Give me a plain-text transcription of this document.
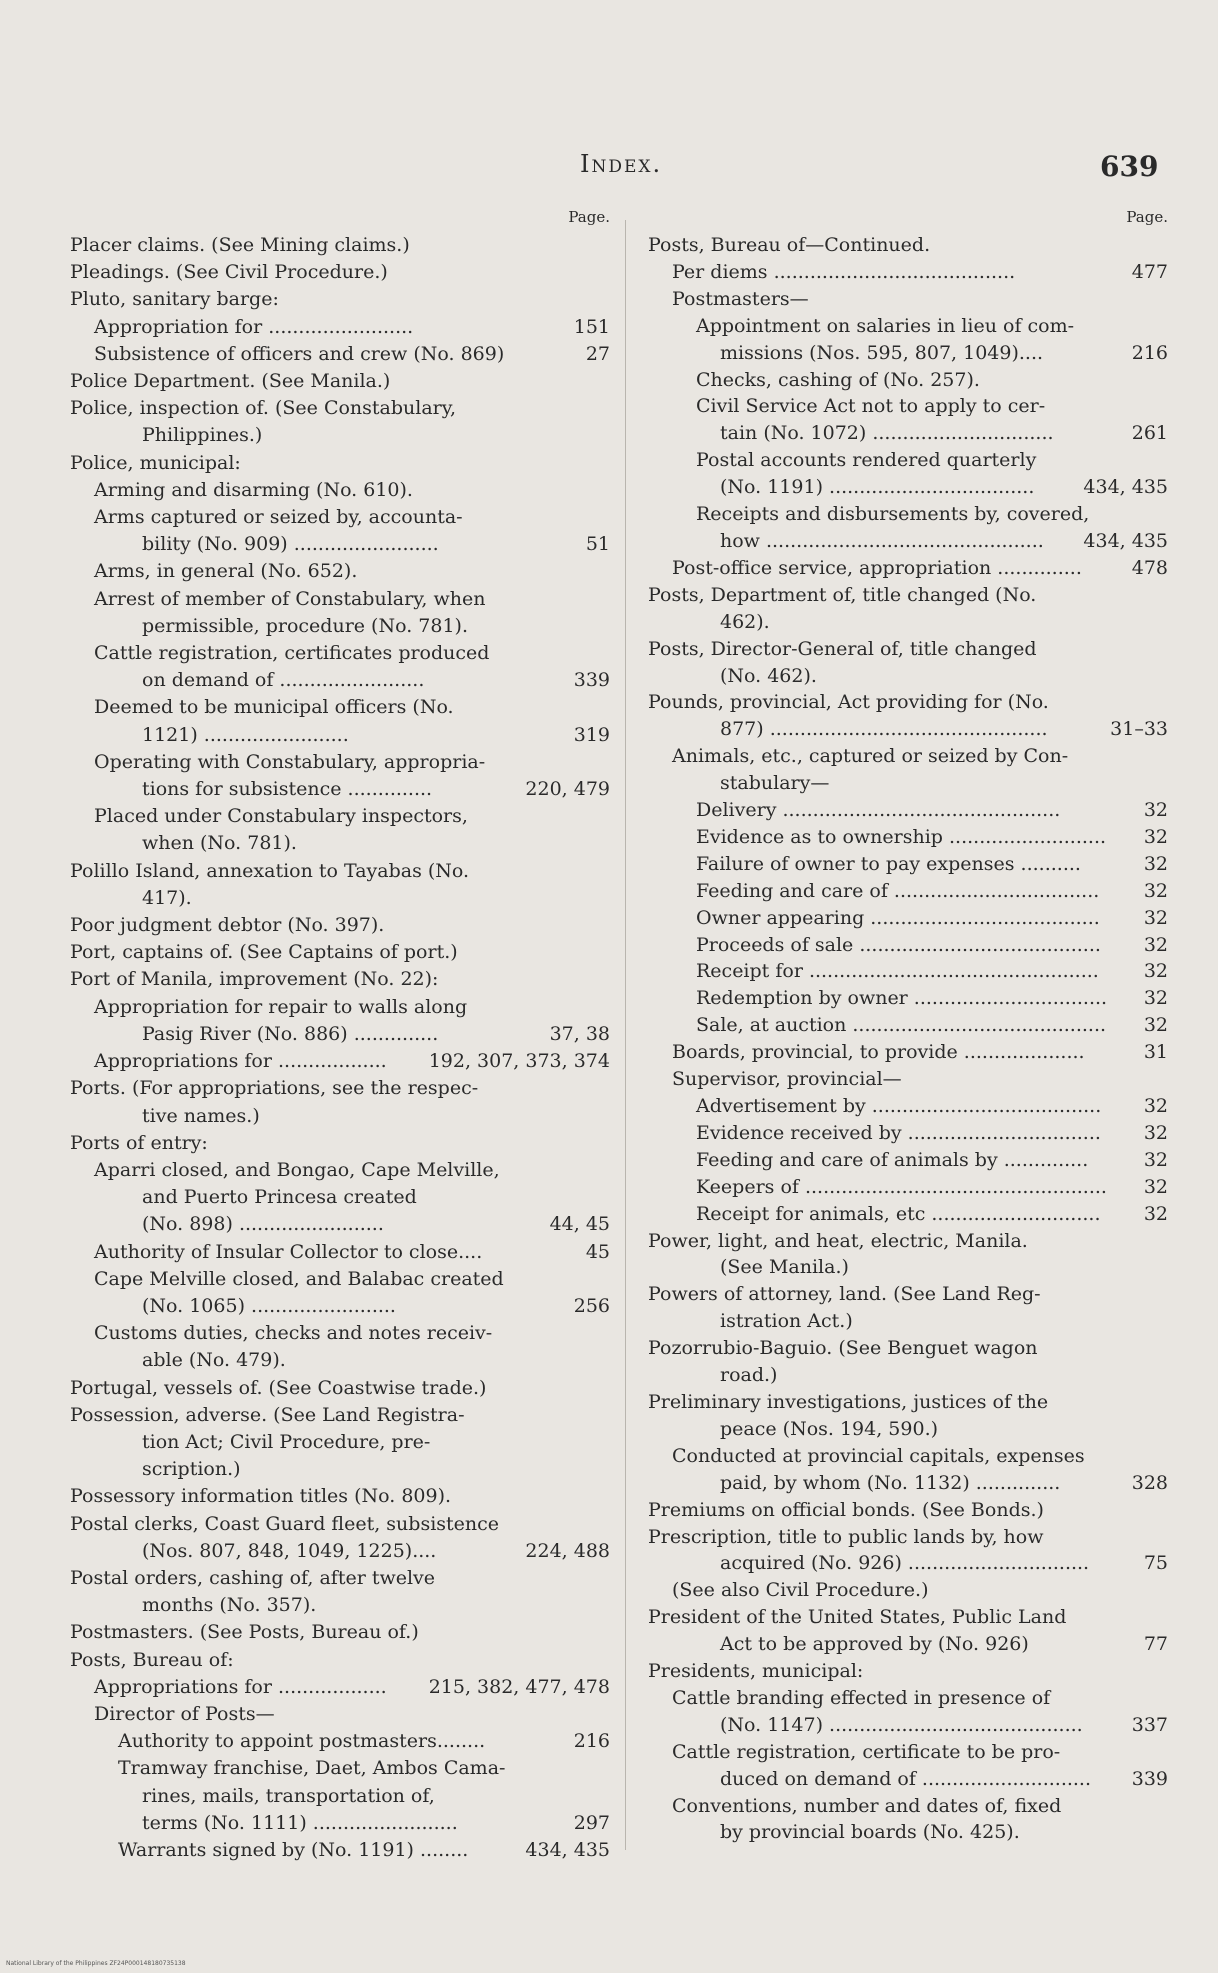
Index.	639
Page.
Placer claims. (See Mining claims.)
Pleadings. (See Civil Procedure.)
Pluto, sanitary barge:
Appropriation for ........................	151
Subsistence of officers and crew (No. 869)	27
Police Department. (See Manila.)
Police, inspection of. (See Constabulary,
Philippines.)
Police, municipal:
Arming and disarming (No. 610).
Arms captured or seized by, accounta-
bility (No. 909) ........................	51
Arms, in general (No. 652).
Arrest of member of Constabulary, when
permissible, procedure (No. 781).
Cattle registration, certificates produced
on demand of ........................	339
Deemed to be municipal officers (No.
1121) ........................	319
Operating with Constabulary, appropria-
tions for subsistence ..............	220, 479
Placed under Constabulary inspectors,
when (No. 781).
Polillo Island, annexation to Tayabas (No.
417).
Poor judgment debtor (No. 397).
Port, captains of. (See Captains of port.)
Port of Manila, improvement (No. 22):
Appropriation for repair to walls along
Pasig River (No. 886) ..............	37, 38
Appropriations for ..................	192, 307, 373, 374
Ports. (For appropriations, see the respec-
tive names.)
Ports of entry:
Aparri closed, and Bongao, Cape Melville,
and Puerto Princesa created
(No. 898) ........................	44, 45
Authority of Insular Collector to close....	45
Cape Melville closed, and Balabac created
(No. 1065) ........................	256
Customs duties, checks and notes receiv-
able (No. 479).
Portugal, vessels of. (See Coastwise trade.)
Possession, adverse. (See Land Registra-
tion Act; Civil Procedure, pre-
scription.)
Possessory information titles (No. 809).
Postal clerks, Coast Guard fleet, subsistence
(Nos. 807, 848, 1049, 1225)....	224, 488
Postal orders, cashing of, after twelve
months (No. 357).
Postmasters. (See Posts, Bureau of.)
Posts, Bureau of:
Appropriations for ..................	215, 382, 477, 478
Director of Posts—
Authority to appoint postmasters........	216
Tramway franchise, Daet, Ambos Cama-
rines, mails, transportation of,
terms (No. 1111) ........................	297
Warrants signed by (No. 1191) ........	434, 435
Page.
Posts, Bureau of—Continued.
Per diems ........................................	477
Postmasters—
Appointment on salaries in lieu of com-
missions (Nos. 595, 807, 1049)....	216
Checks, cashing of (No. 257).
Civil Service Act not to apply to cer-
tain (No. 1072) ..............................	261
Postal accounts rendered quarterly
(No. 1191) ..................................	434, 435
Receipts and disbursements by, covered,
how ..............................................	434, 435
Post-office service, appropriation ..............	478
Posts, Department of, title changed (No.
462).
Posts, Director-General of, title changed
(No. 462).
Pounds, provincial, Act providing for (No.
877) ..............................................	31–33
Animals, etc., captured or seized by Con-
stabulary—
Delivery ..............................................	32
Evidence as to ownership ..........................	32
Failure of owner to pay expenses ..........	32
Feeding and care of ..................................	32
Owner appearing ......................................	32
Proceeds of sale ........................................	32
Receipt for ................................................	32
Redemption by owner ................................	32
Sale, at auction ..........................................	32
Boards, provincial, to provide ....................	31
Supervisor, provincial—
Advertisement by ......................................	32
Evidence received by ................................	32
Feeding and care of animals by ..............	32
Keepers of ..................................................	32
Receipt for animals, etc ............................	32
Power, light, and heat, electric, Manila.
(See Manila.)
Powers of attorney, land. (See Land Reg-
istration Act.)
Pozorrubio-Baguio. (See Benguet wagon
road.)
Preliminary investigations, justices of the
peace (Nos. 194, 590.)
Conducted at provincial capitals, expenses
paid, by whom (No. 1132) ..............	328
Premiums on official bonds. (See Bonds.)
Prescription, title to public lands by, how
acquired (No. 926) ..............................	75
(See also Civil Procedure.)
President of the United States, Public Land
Act to be approved by (No. 926)	77
Presidents, municipal:
Cattle branding effected in presence of
(No. 1147) ..........................................	337
Cattle registration, certificate to be pro-
duced on demand of ............................	339
Conventions, number and dates of, fixed
by provincial boards (No. 425).
National Library of the Philippines ZF24P000148180735138
